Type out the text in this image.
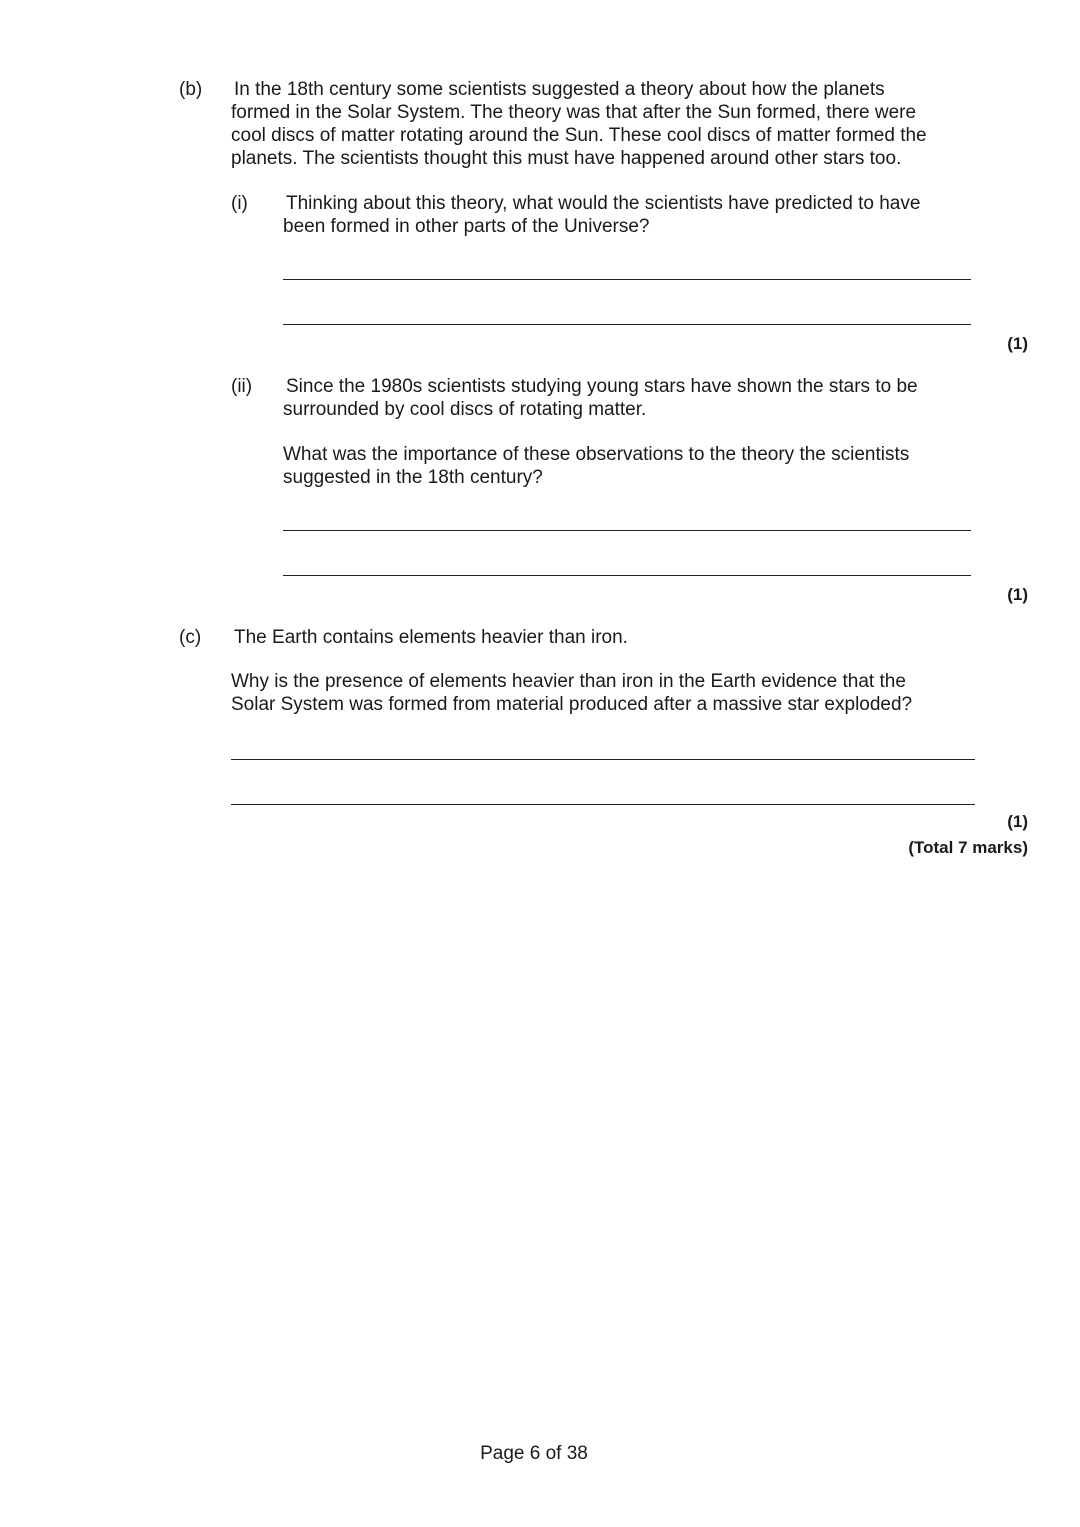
(b) In the 18th century some scientists suggested a theory about how the planets
formed in the Solar System. The theory was that after the Sun formed, there were
cool discs of matter rotating around the Sun. These cool discs of matter formed the
planets. The scientists thought this must have happened around other stars too.
(i) Thinking about this theory, what would the scientists have predicted to have
been formed in other parts of the Universe?
(1)
(ii) Since the 1980s scientists studying young stars have shown the stars to be
surrounded by cool discs of rotating matter.
What was the importance of these observations to the theory the scientists
suggested in the 18th century?
(1)
(c) The Earth contains elements heavier than iron.
Why is the presence of elements heavier than iron in the Earth evidence that the
Solar System was formed from material produced after a massive star exploded?
(1)
(Total 7 marks)
Page 6 of 38
